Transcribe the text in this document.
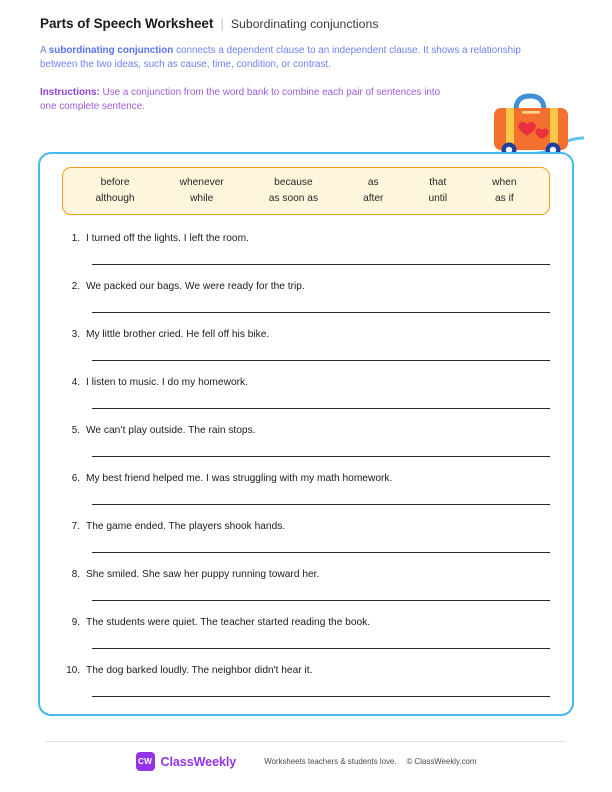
Parts of Speech Worksheet | Subordinating conjunctions
A subordinating conjunction connects a dependent clause to an independent clause. It shows a relationship between the two ideas, such as cause, time, condition, or contrast.
Instructions: Use a conjunction from the word bank to combine each pair of sentences into one complete sentence.
before
although
whenever
while
because
as soon as
as
after
that
until
when
as if
1. I turned off the lights. I left the room.
2. We packed our bags. We were ready for the trip.
3. My little brother cried. He fell off his bike.
4. I listen to music. I do my homework.
5. We can’t play outside. The rain stops.
6. My best friend helped me. I was struggling with my math homework.
7. The game ended. The players shook hands.
8. She smiled. She saw her puppy running toward her.
9. The students were quiet. The teacher started reading the book.
10. The dog barked loudly. The neighbor didn't hear it.
CW ClassWeekly	Worksheets teachers & students love. © ClassWeekly.com
